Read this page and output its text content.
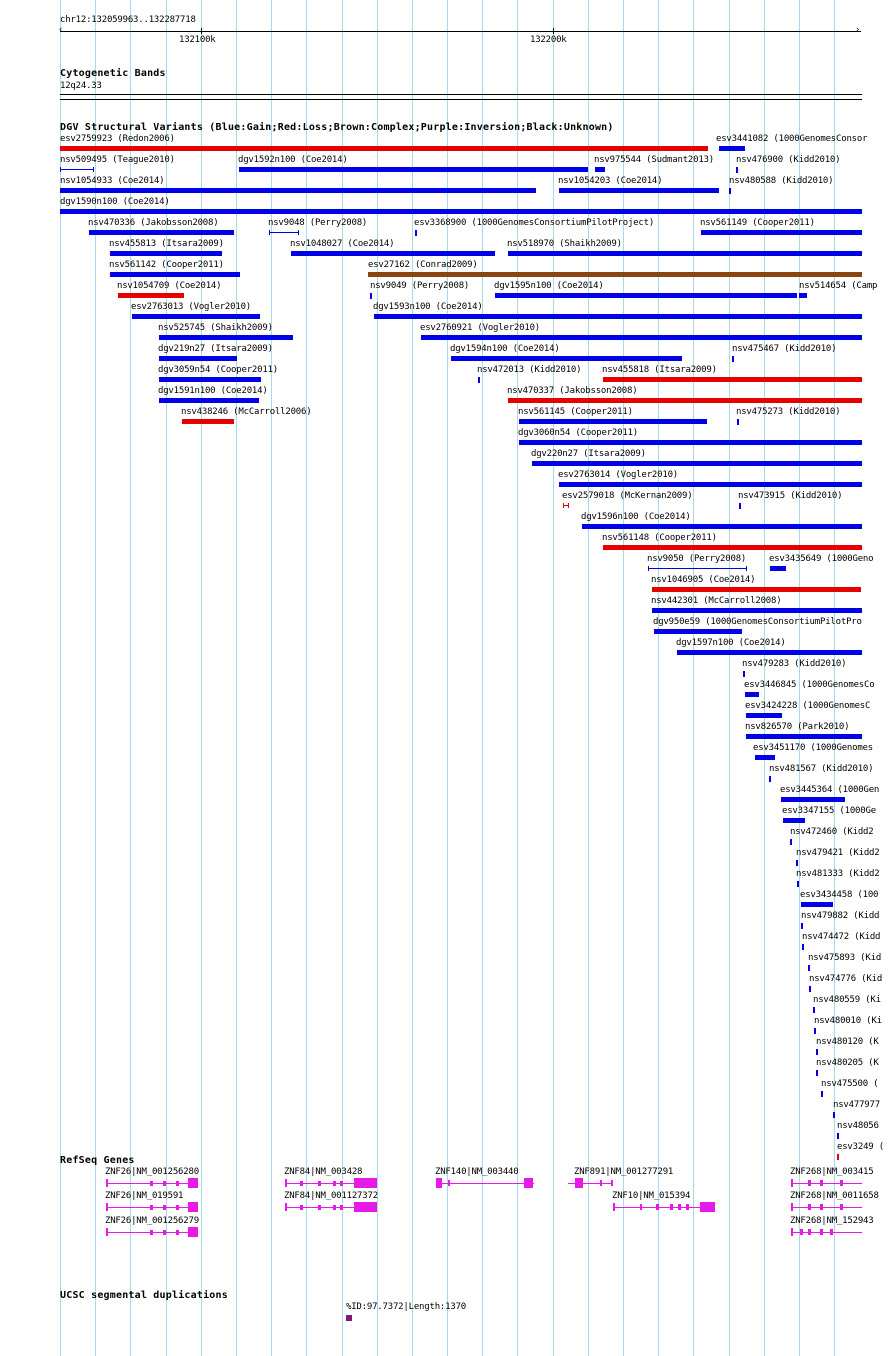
chr12:132059963..132287718
‹	›
132100k	132200k
Cytogenetic Bands
12q24.33
DGV Structural Variants (Blue:Gain;Red:Loss;Brown:Complex;Purple:Inversion;Black:Unknown)
esv2759923 (Redon2006)	esv3441082 (1000GenomesConsor
nsv509495 (Teague2010)	dgv1592n100 (Coe2014)	nsv975544 (Sudmant2013) nsv476900 (Kidd2010)
nsv1054933 (Coe2014)	nsv1054203 (Coe2014)	nsv480588 (Kidd2010)
dgv1590n100 (Coe2014)
nsv470336 (Jakobsson2008)	nsv9048 (Perry2008)	esv3368900 (1000GenomesConsortiumPilotProject)	nsv561149 (Cooper2011)
nsv455813 (Itsara2009)	nsv1048027 (Coe2014)	nsv518970 (Shaikh2009)
nsv561142 (Cooper2011)	esv27162 (Conrad2009)
nsv1054709 (Coe2014)	nsv9049 (Perry2008)	dgv1595n100 (Coe2014)	nsv514654 (Camp
esv2763013 (Vogler2010)	dgv1593n100 (Coe2014)
nsv525745 (Shaikh2009)	esv2760921 (Vogler2010)
dgv219n27 (Itsara2009)	dgv1594n100 (Coe2014)	nsv475467 (Kidd2010)
dgv3059n54 (Cooper2011)	nsv472013 (Kidd2010) nsv455818 (Itsara2009)
dgv1591n100 (Coe2014)	nsv470337 (Jakobsson2008)
nsv438246 (McCarroll2006)	nsv561145 (Cooper2011)	nsv475273 (Kidd2010)
dgv3060n54 (Cooper2011)
dgv220n27 (Itsara2009)
esv2763014 (Vogler2010)
esv2579018 (McKernan2009)	nsv473915 (Kidd2010)
dgv1596n100 (Coe2014)
nsv561148 (Cooper2011)
nsv9050 (Perry2008)	esv3435649 (1000Geno
nsv1046905 (Coe2014)
nsv442301 (McCarroll2008)
dgv950e59 (1000GenomesConsortiumPilotPro
dgv1597n100 (Coe2014)
nsv479283 (Kidd2010)
esv3446845 (1000GenomesCo
esv3424228 (1000GenomesC
nsv826570 (Park2010)
esv3451170 (1000Genomes
nsv481567 (Kidd2010)
esv3445364 (1000Gen
esv3347155 (1000Ge
nsv472460 (Kidd2
nsv479421 (Kidd2
nsv481333 (Kidd2
esv3434458 (100
nsv479882 (Kidd
nsv474472 (Kidd
nsv475893 (Kid
nsv474776 (Kid
nsv480559 (Ki
nsv480010 (Ki
nsv480120 (K
nsv480205 (K
nsv475500 (
nsv477977
nsv48056
esv3249 (
RefSeq Genes
ZNF26|NM_001256280
ZNF26|NM_019591
ZNF26|NM_001256279
ZNF84|NM_003428
ZNF84|NM_001127372
ZNF140|NM_003440	ZNF891|NM_001277291
ZNF10|NM_015394
ZNF268|NM_003415
ZNF268|NM_0011658
ZNF268|NM_152943
UCSC segmental duplications
%ID:97.7372|Length:1370
